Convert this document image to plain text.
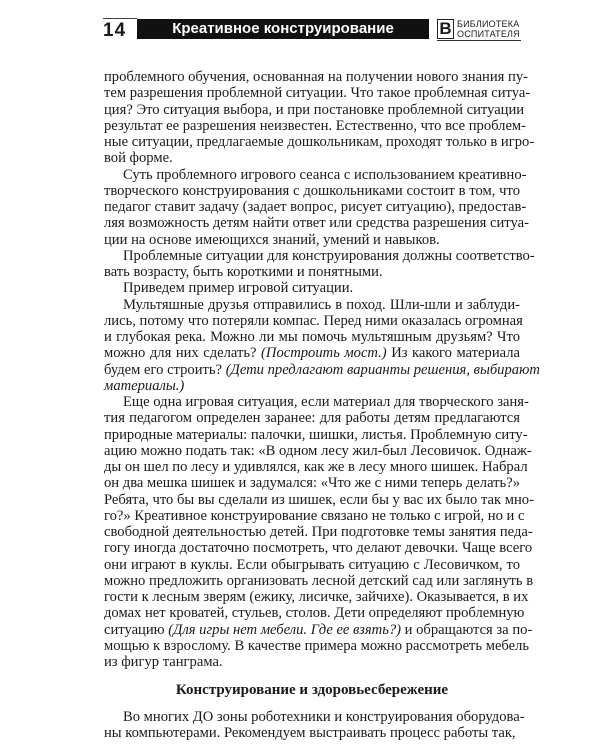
14	Креативное конструирование	В БИБЛИОТЕКА
ОСПИТАТЕЛЯ
проблемного обучения, основанная на получении нового знания пу-
тем разрешения проблемной ситуации. Что такое проблемная ситуа-
ция? Это ситуация выбора, и при постановке проблемной ситуации
результат ее разрешения неизвестен. Естественно, что все проблем-
ные ситуации, предлагаемые дошкольникам, проходят только в игро-
вой форме.
Суть проблемного игрового сеанса с использованием креативно-
творческого конструирования с дошкольниками состоит в том, что
педагог ставит задачу (задает вопрос, рисует ситуацию), предостав-
ляя возможность детям найти ответ или средства разрешения ситуа-
ции на основе имеющихся знаний, умений и навыков.
Проблемные ситуации для конструирования должны соответство-
вать возрасту, быть короткими и понятными.
Приведем пример игровой ситуации.
Мультяшные друзья отправились в поход. Шли-шли и заблуди-
лись, потому что потеряли компас. Перед ними оказалась огромная
и глубокая река. Можно ли мы помочь мультяшным друзьям? Что
можно для них сделать? (Построить мост.) Из какого материала
будем его строить? (Дети предлагают варианты решения, выбирают
материалы.)
Еще одна игровая ситуация, если материал для творческого заня-
тия педагогом определен заранее: для работы детям предлагаются
природные материалы: палочки, шишки, листья. Проблемную ситу-
ацию можно подать так: «В одном лесу жил-был Лесовичок. Однаж-
ды он шел по лесу и удивлялся, как же в лесу много шишек. Набрал
он два мешка шишек и задумался: «Что же с ними теперь делать?»
Ребята, что бы вы сделали из шишек, если бы у вас их было так мно-
го?» Креативное конструирование связано не только с игрой, но и с
свободной деятельностью детей. При подготовке темы занятия педа-
гогу иногда достаточно посмотреть, что делают девочки. Чаще всего
они играют в куклы. Если обыгрывать ситуацию с Лесовичком, то
можно предложить организовать лесной детский сад или заглянуть в
гости к лесным зверям (ежику, лисичке, зайчихе). Оказывается, в их
домах нет кроватей, стульев, столов. Дети определяют проблемную
ситуацию (Для игры нет мебели. Где ее взять?) и обращаются за по-
мощью к взрослому. В качестве примера можно рассмотреть мебель
из фигур танграма.
Конструирование и здоровьесбережение
Во многих ДО зоны роботехники и конструирования оборудова-
ны компьютерами. Рекомендуем выстраивать процесс работы так,
